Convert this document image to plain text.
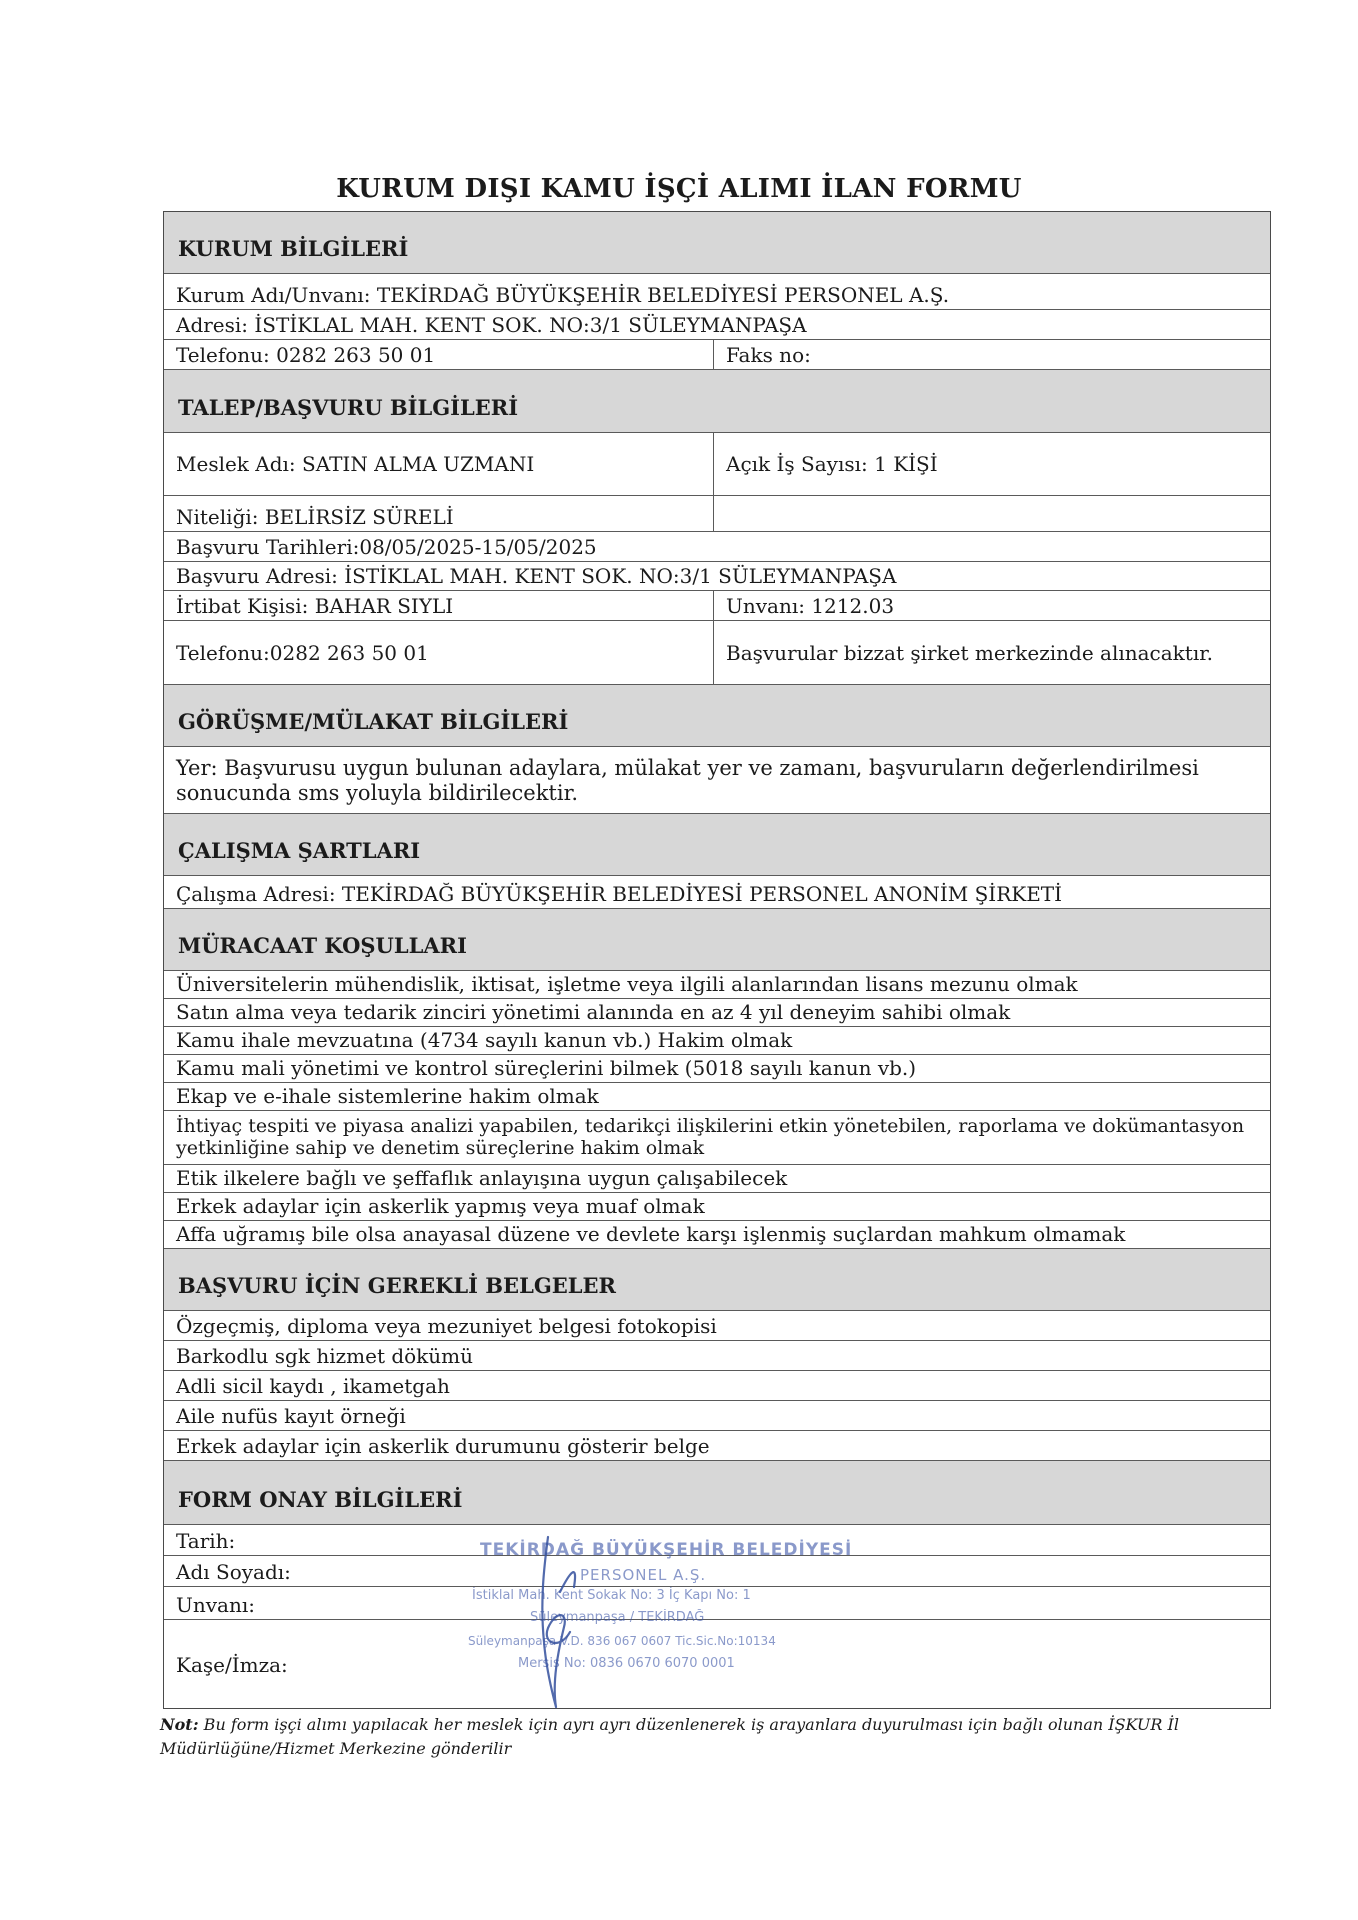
KURUM DIŞI KAMU İŞÇİ ALIMI İLAN FORMU
KURUM BİLGİLERİ
Kurum Adı/Unvanı: TEKİRDAĞ BÜYÜKŞEHİR BELEDİYESİ PERSONEL A.Ş.
Adresi: İSTİKLAL MAH. KENT SOK. NO:3/1 SÜLEYMANPAŞA
Telefonu: 0282 263 50 01	Faks no:
TALEP/BAŞVURU BİLGİLERİ
Meslek Adı: SATIN ALMA UZMANI	Açık İş Sayısı: 1 KİŞİ
Niteliği: BELİRSİZ SÜRELİ
Başvuru Tarihleri:08/05/2025-15/05/2025
Başvuru Adresi: İSTİKLAL MAH. KENT SOK. NO:3/1 SÜLEYMANPAŞA
İrtibat Kişisi: BAHAR SIYLI	Unvanı: 1212.03
Telefonu:0282 263 50 01	Başvurular bizzat şirket merkezinde alınacaktır.
GÖRÜŞME/MÜLAKAT BİLGİLERİ
Yer: Başvurusu uygun bulunan adaylara, mülakat yer ve zamanı, başvuruların değerlendirilmesi sonucunda sms yoluyla bildirilecektir.
ÇALIŞMA ŞARTLARI
Çalışma Adresi: TEKİRDAĞ BÜYÜKŞEHİR BELEDİYESİ PERSONEL ANONİM ŞİRKETİ
MÜRACAAT KOŞULLARI
Üniversitelerin mühendislik, iktisat, işletme veya ilgili alanlarından lisans mezunu olmak
Satın alma veya tedarik zinciri yönetimi alanında en az 4 yıl deneyim sahibi olmak
Kamu ihale mevzuatına (4734 sayılı kanun vb.) Hakim olmak
Kamu mali yönetimi ve kontrol süreçlerini bilmek (5018 sayılı kanun vb.)
Ekap ve e-ihale sistemlerine hakim olmak
İhtiyaç tespiti ve piyasa analizi yapabilen, tedarikçi ilişkilerini etkin yönetebilen, raporlama ve dokümantasyon yetkinliğine sahip ve denetim süreçlerine hakim olmak
Etik ilkelere bağlı ve şeffaflık anlayışına uygun çalışabilecek
Erkek adaylar için askerlik yapmış veya muaf olmak
Affa uğramış bile olsa anayasal düzene ve devlete karşı işlenmiş suçlardan mahkum olmamak
BAŞVURU İÇİN GEREKLİ BELGELER
Özgeçmiş, diploma veya mezuniyet belgesi fotokopisi
Barkodlu sgk hizmet dökümü
Adli sicil kaydı , ikametgah
Aile nufüs kayıt örneği
Erkek adaylar için askerlik durumunu gösterir belge
FORM ONAY BİLGİLERİ
Tarih:
Adı Soyadı:
Unvanı:
Kaşe/İmza:
TEKİRDAĞ BÜYÜKŞEHİR BELEDİYESİ
PERSONEL A.Ş.
İstiklal Mah. Kent Sokak No: 3 İç Kapı No: 1
Süleymanpaşa / TEKİRDAĞ
Süleymanpaşa V.D. 836 067 0607 Tic.Sic.No:10134
Mersis No: 0836 0670 6070 0001
Not: Bu form işçi alımı yapılacak her meslek için ayrı ayrı düzenlenerek iş arayanlara duyurulması için bağlı olunan İŞKUR İl Müdürlüğüne/Hizmet Merkezine gönderilir
